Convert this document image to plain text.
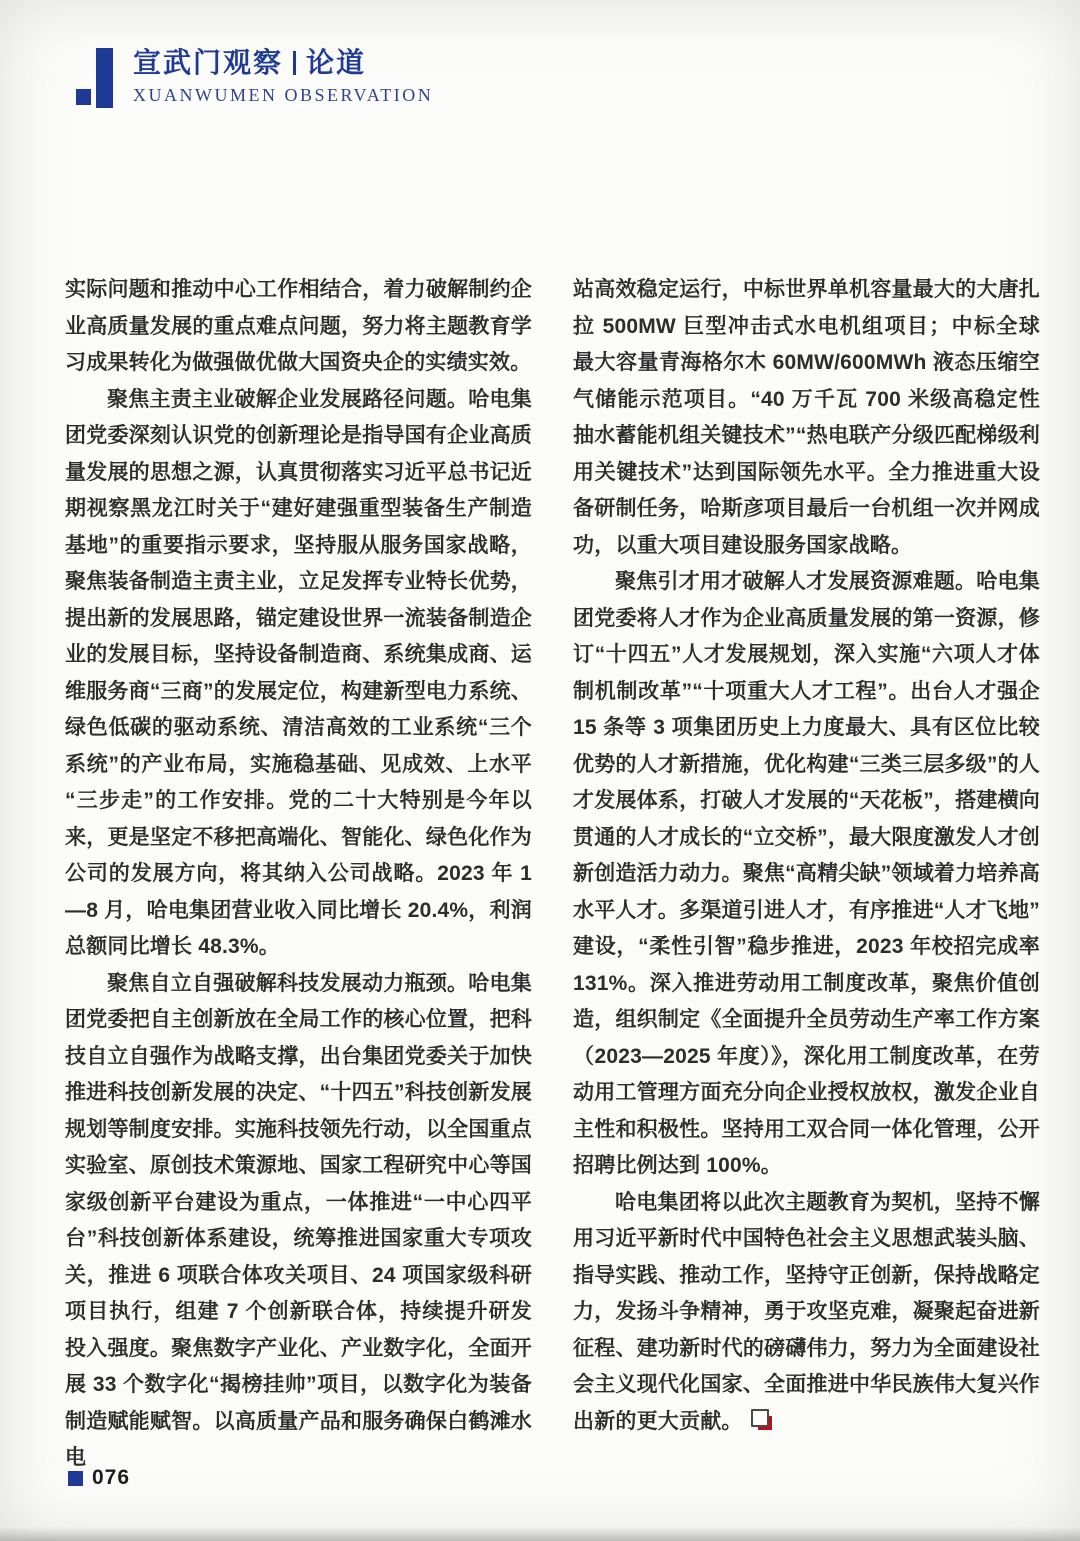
宣武门观察 论道
XUANWUMEN OBSERVATION

实际问题和推动中心工作相结合，着力破解制约企业高质量发展的重点难点问题，努力将主题教育学习成果转化为做强做优做大国资央企的实绩实效。

聚焦主责主业破解企业发展路径问题。哈电集团党委深刻认识党的创新理论是指导国有企业高质量发展的思想之源，认真贯彻落实习近平总书记近期视察黑龙江时关于“建好建强重型装备生产制造基地”的重要指示要求，坚持服从服务国家战略，聚焦装备制造主责主业，立足发挥专业特长优势，提出新的发展思路，锚定建设世界一流装备制造企业的发展目标，坚持设备制造商、系统集成商、运维服务商“三商”的发展定位，构建新型电力系统、绿色低碳的驱动系统、清洁高效的工业系统“三个系统”的产业布局，实施稳基础、见成效、上水平“三步走”的工作安排。党的二十大特别是今年以来，更是坚定不移把高端化、智能化、绿色化作为公司的发展方向，将其纳入公司战略。2023 年 1—8 月，哈电集团营业收入同比增长 20.4%，利润总额同比增长 48.3%。

聚焦自立自强破解科技发展动力瓶颈。哈电集团党委把自主创新放在全局工作的核心位置，把科技自立自强作为战略支撑，出台集团党委关于加快推进科技创新发展的决定、“十四五”科技创新发展规划等制度安排。实施科技领先行动，以全国重点实验室、原创技术策源地、国家工程研究中心等国家级创新平台建设为重点，一体推进“一中心四平台”科技创新体系建设，统筹推进国家重大专项攻关，推进 6 项联合体攻关项目、24 项国家级科研项目执行，组建 7 个创新联合体，持续提升研发投入强度。聚焦数字产业化、产业数字化，全面开展 33 个数字化“揭榜挂帅”项目，以数字化为装备制造赋能赋智。以高质量产品和服务确保白鹤滩水电

站高效稳定运行，中标世界单机容量最大的大唐扎拉 500MW 巨型冲击式水电机组项目；中标全球最大容量青海格尔木 60MW/600MWh 液态压缩空气储能示范项目。“40 万千瓦 700 米级高稳定性抽水蓄能机组关键技术”“热电联产分级匹配梯级利用关键技术”达到国际领先水平。全力推进重大设备研制任务，哈斯彦项目最后一台机组一次并网成功，以重大项目建设服务国家战略。

聚焦引才用才破解人才发展资源难题。哈电集团党委将人才作为企业高质量发展的第一资源，修订“十四五”人才发展规划，深入实施“六项人才体制机制改革”“十项重大人才工程”。出台人才强企 15 条等 3 项集团历史上力度最大、具有区位比较优势的人才新措施，优化构建“三类三层多级”的人才发展体系，打破人才发展的“天花板”，搭建横向贯通的人才成长的“立交桥”，最大限度激发人才创新创造活力动力。聚焦“高精尖缺”领域着力培养高水平人才。多渠道引进人才，有序推进“人才飞地”建设，“柔性引智”稳步推进，2023 年校招完成率 131%。深入推进劳动用工制度改革，聚焦价值创造，组织制定《全面提升全员劳动生产率工作方案（2023—2025 年度）》，深化用工制度改革，在劳动用工管理方面充分向企业授权放权，激发企业自主性和积极性。坚持用工双合同一体化管理，公开招聘比例达到 100%。

哈电集团将以此次主题教育为契机，坚持不懈用习近平新时代中国特色社会主义思想武装头脑、指导实践、推动工作，坚持守正创新，保持战略定力，发扬斗争精神，勇于攻坚克难，凝聚起奋进新征程、建功新时代的磅礴伟力，努力为全面建设社会主义现代化国家、全面推进中华民族伟大复兴作出新的更大贡献。

076
